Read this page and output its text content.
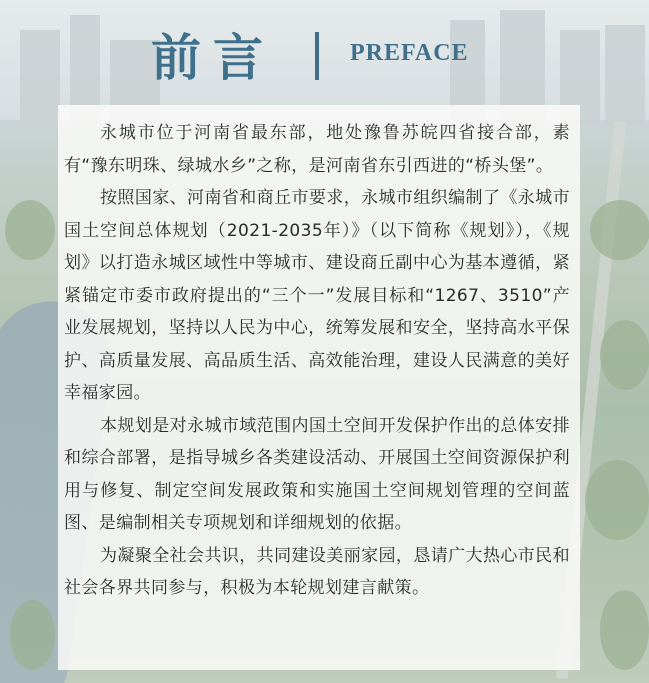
前言	PREFACE

永城市位于河南省最东部，地处豫鲁苏皖四省接合部，素有“豫东明珠、绿城水乡”之称，是河南省东引西进的“桥头堡”。

按照国家、河南省和商丘市要求，永城市组织编制了《永城市国土空间总体规划（2021-2035年）》（以下简称《规划》），《规划》以打造永城区域性中等城市、建设商丘副中心为基本遵循，紧紧锚定市委市政府提出的“三个一”发展目标和“1267、3510”产业发展规划，坚持以人民为中心，统筹发展和安全，坚持高水平保护、高质量发展、高品质生活、高效能治理，建设人民满意的美好幸福家园。

本规划是对永城市域范围内国土空间开发保护作出的总体安排和综合部署，是指导城乡各类建设活动、开展国土空间资源保护利用与修复、制定空间发展政策和实施国土空间规划管理的空间蓝图、是编制相关专项规划和详细规划的依据。

为凝聚全社会共识，共同建设美丽家园，恳请广大热心市民和社会各界共同参与，积极为本轮规划建言献策。
